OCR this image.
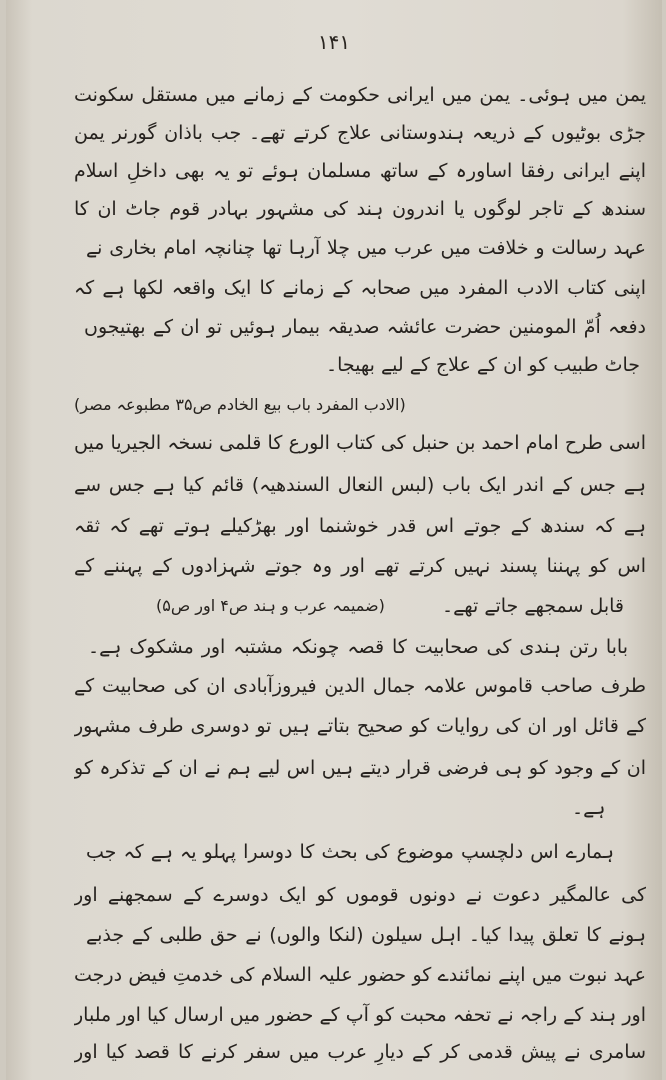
۱۴۱
یمن میں ہوئی۔ یمن میں ایرانی حکومت کے زمانے میں مستقل سکونت
جڑی بوٹیوں کے ذریعہ ہندوستانی علاج کرتے تھے۔ جب باذان گورنر یمن
اپنے ایرانی رفقا اساورہ کے ساتھ مسلمان ہوئے تو یہ بھی داخلِ اسلام
سندھ کے تاجر لوگوں یا اندرون ہند کی مشہور بہادر قوم جاٹ ان کا
عہد رسالت و خلافت میں عرب میں چلا آرہا تھا چنانچہ امام بخاری نے
اپنی کتاب الادب المفرد میں صحابہ کے زمانے کا ایک واقعہ لکھا ہے کہ
دفعہ اُمّ المومنین حضرت عائشہ صدیقہ بیمار ہوئیں تو ان کے بھتیجوں
جاٹ طبیب کو ان کے علاج کے لیے بھیجا۔
(الادب المفرد باب بیع الخادم ص۳۵ مطبوعہ مصر)
اسی طرح امام احمد بن حنبل کی کتاب الورع کا قلمی نسخہ الجیریا میں
ہے جس کے اندر ایک باب (لبس النعال السندھیہ) قائم کیا ہے جس سے
ہے کہ سندھ کے جوتے اس قدر خوشنما اور بھڑکیلے ہوتے تھے کہ ثقہ
اس کو پہننا پسند نہیں کرتے تھے اور وہ جوتے شہزادوں کے پہننے کے
قابل سمجھے جاتے تھے۔
(ضمیمہ عرب و ہند ص۴ اور ص۵)
بابا رتن ہندی کی صحابیت کا قصہ چونکہ مشتبہ اور مشکوک ہے۔
طرف صاحب قاموس علامہ جمال الدین فیروزآبادی ان کی صحابیت کے
کے قائل اور ان کی روایات کو صحیح بتاتے ہیں تو دوسری طرف مشہور
ان کے وجود کو ہی فرضی قرار دیتے ہیں اس لیے ہم نے ان کے تذکرہ کو
ہے۔
ہمارے اس دلچسپ موضوع کی بحث کا دوسرا پہلو یہ ہے کہ جب
کی عالمگیر دعوت نے دونوں قوموں کو ایک دوسرے کے سمجھنے اور
ہونے کا تعلق پیدا کیا۔ اہل سیلون (لنکا والوں) نے حق طلبی کے جذبے
عہد نبوت میں اپنے نمائندے کو حضور علیہ السلام کی خدمتِ فیض درجت
اور ہند کے راجہ نے تحفہ محبت کو آپ کے حضور میں ارسال کیا اور ملبار
سامری نے پیش قدمی کر کے دیارِ عرب میں سفر کرنے کا قصد کیا اور
